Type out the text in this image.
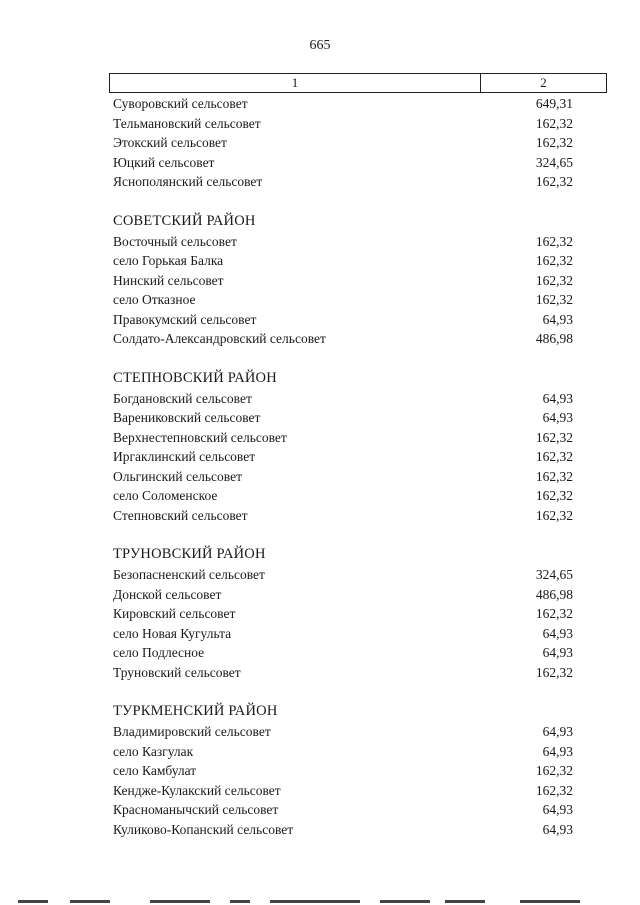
665
1	2
Суворовский сельсовет	649,31
Тельмановский сельсовет	162,32
Этокский сельсовет	162,32
Юцкий сельсовет	324,65
Яснополянский сельсовет	162,32
СОВЕТСКИЙ РАЙОН
Восточный сельсовет	162,32
село Горькая Балка	162,32
Нинский сельсовет	162,32
село Отказное	162,32
Правокумский сельсовет	64,93
Солдато-Александровский сельсовет	486,98
СТЕПНОВСКИЙ РАЙОН
Богдановский сельсовет	64,93
Варениковский сельсовет	64,93
Верхнестепновский сельсовет	162,32
Иргаклинский сельсовет	162,32
Ольгинский сельсовет	162,32
село Соломенское	162,32
Степновский сельсовет	162,32
ТРУНОВСКИЙ РАЙОН
Безопасненский сельсовет	324,65
Донской сельсовет	486,98
Кировский сельсовет	162,32
село Новая Кугульта	64,93
село Подлесное	64,93
Труновский сельсовет	162,32
ТУРКМЕНСКИЙ РАЙОН
Владимировский сельсовет	64,93
село Казгулак	64,93
село Камбулат	162,32
Кендже-Кулакский сельсовет	162,32
Красноманычский сельсовет	64,93
Куликово-Копанский сельсовет	64,93
